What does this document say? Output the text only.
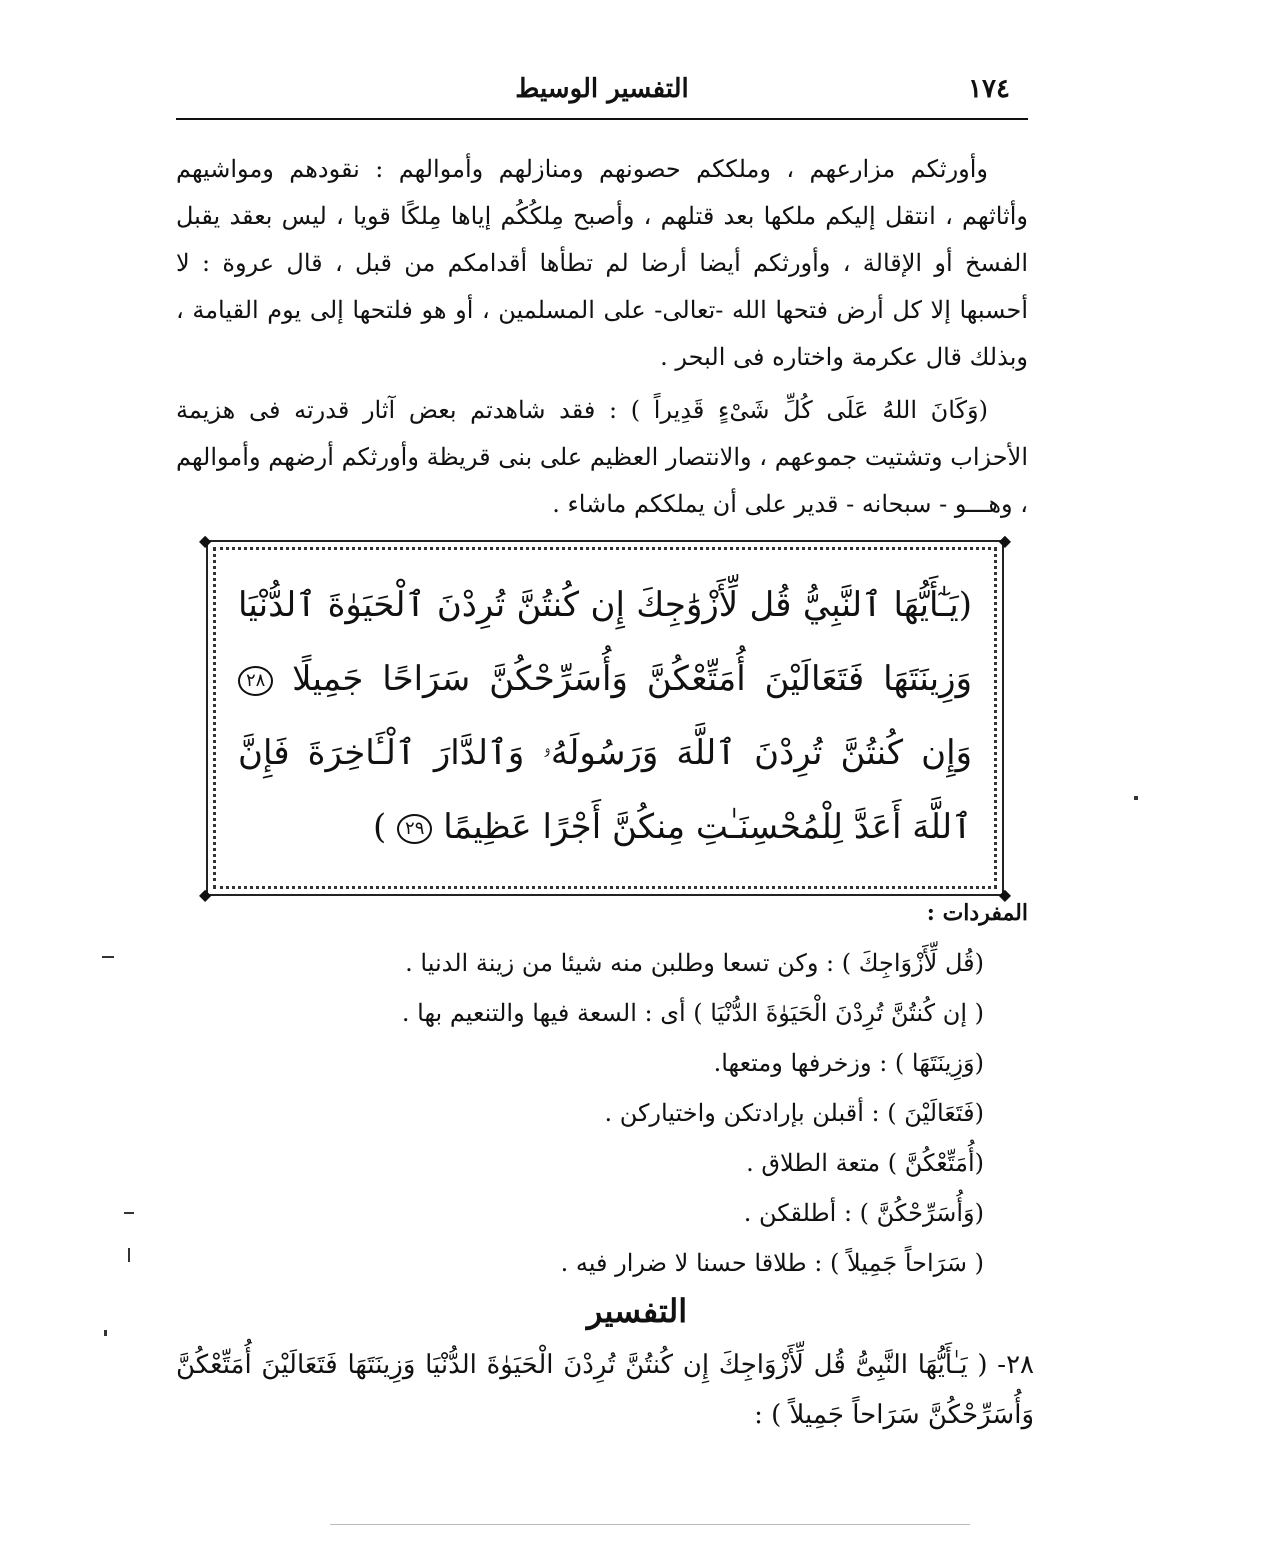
١٧٤
التفسير الوسيط

وأورثكم مزارعهم ، وملككم حصونهم ومنازلهم وأموالهم : نقودهم ومواشيهم وأثاثهم ، انتقل إليكم ملكها بعد قتلهم ، وأصبح مِلكُكُم إياها مِلكًا قويا ، ليس بعقد يقبل الفسخ أو الإقالة ، وأورثكم أيضا أرضا لم تطأها أقدامكم من قبل ، قال عروة : لا أحسبها إلا كل أرض فتحها الله -تعالى- على المسلمين ، أو هو فلتحها إلى يوم القيامة ، وبذلك قال عكرمة واختاره فى البحر .

(وَكَانَ اللهُ عَلَى كُلِّ شَىْءٍ قَدِيراً ) : فقد شاهدتم بعض آثار قدرته فى هزيمة الأحزاب وتشتيت جموعهم ، والانتصار العظيم على بنى قريظة وأورثكم أرضهم وأموالهم ، وهـــو - سبحانه - قدير على أن يملككم ماشاء .

◆
◆
◆
◆
(يَـٰٓأَيُّهَا ٱلنَّبِيُّ قُل لِّأَزْوَٰجِكَ إِن كُنتُنَّ تُرِدْنَ ٱلْحَيَوٰةَ ٱلدُّنْيَا وَزِينَتَهَا فَتَعَالَيْنَ أُمَتِّعْكُنَّ وَأُسَرِّحْكُنَّ سَرَاحًا جَمِيلًا ٢٨ وَإِن كُنتُنَّ تُرِدْنَ ٱللَّهَ وَرَسُولَهُۥ وَٱلدَّارَ ٱلْـَٔاخِرَةَ فَإِنَّ ٱللَّهَ أَعَدَّ لِلْمُحْسِنَـٰتِ مِنكُنَّ أَجْرًا عَظِيمًا ٢٩ )
المفردات :
(قُل لِّأَزْوَاجِكَ ) : وكن تسعا وطلبن منه شيئا من زينة الدنيا .
( إن كُنتُنَّ تُرِدْنَ الْحَيَوٰةَ الدُّنْيَا ) أى : السعة فيها والتنعيم بها .
(وَزِينَتَهَا ) : وزخرفها ومتعها.
(فَتَعَالَيْنَ ) : أقبلن بإرادتكن واختياركن .
(أُمَتِّعْكُنَّ ) متعة الطلاق .
(وَأُسَرِّحْكُنَّ ) : أطلقكن .
( سَرَاحاً جَمِيلاً ) : طلاقا حسنا لا ضرار فيه .
التفسير

٢٨- ( يَـٰأَيُّهَا النَّبِىُّ قُل لِّأَزْوَاجِكَ إِن كُنتُنَّ تُرِدْنَ الْحَيَوٰةَ الدُّنْيَا وَزِينَتَهَا فَتَعَالَيْنَ أُمَتِّعْكُنَّ وَأُسَرِّحْكُنَّ سَرَاحاً جَمِيلاً ) :
